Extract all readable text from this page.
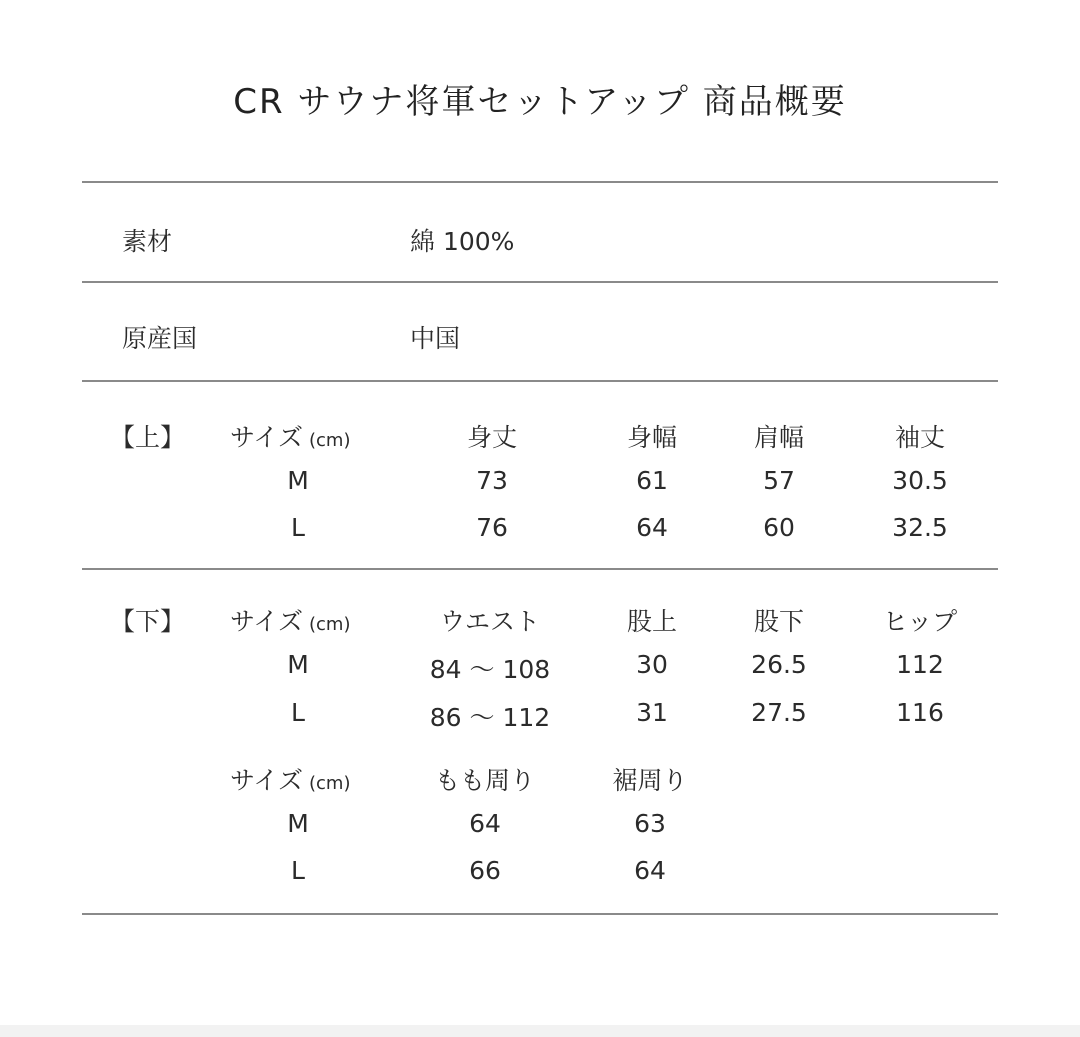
CR サウナ将軍セットアップ 商品概要
素材	綿 100%
原産国	中国
【上】 サイズ (cm)	身丈	身幅	肩幅	袖丈
M	73	61	57	30.5
L	76	64	60	32.5
【下】 サイズ (cm)	ウエスト	股上	股下	ヒップ
M	84 ～ 108	30	26.5	112
L	86 ～ 112	31	27.5	116
サイズ (cm)	もも周り	裾周り
M	64	63
L	66	64
